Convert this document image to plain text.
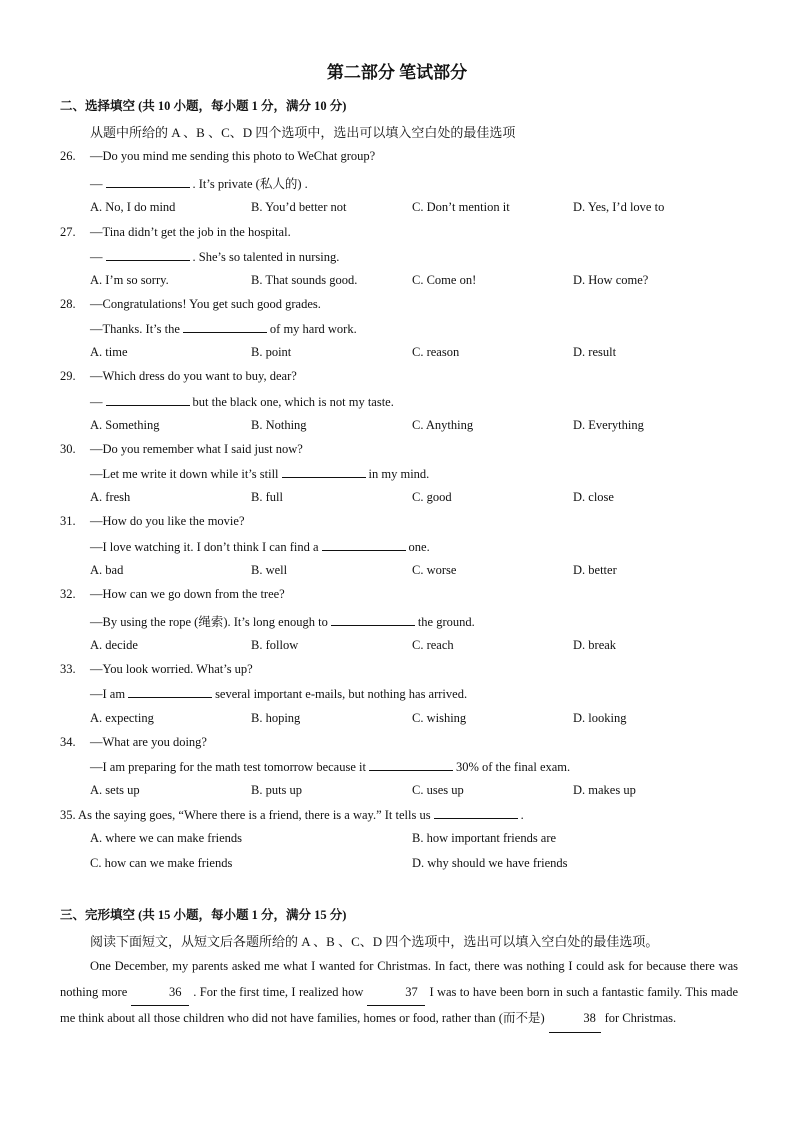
第二部分 笔试部分
二、选择填空 (共 10 小题，每小题 1 分，满分 10 分)
从题中所给的 A 、B 、C、D 四个选项中，选出可以填入空白处的最佳选项
26. —Do you mind me sending this photo to WeChat group?
—	. It’s private (私人的) .
A. No, I do mind	B. You’d better not	C. Don’t mention it	D. Yes, I’d love to
27. —Tina didn’t get the job in the hospital.
—	. She’s so talented in nursing.
A. I’m so sorry.	B. That sounds good.	C. Come on!	D. How come?
28. —Congratulations! You get such good grades.
—Thanks. It’s the	of my hard work.
A. time	B. point	C. reason	D. result
29. —Which dress do you want to buy, dear?
—	but the black one, which is not my taste.
A. Something	B. Nothing	C. Anything	D. Everything
30. —Do you remember what I said just now?
—Let me write it down while it’s still	in my mind.
A. fresh	B. full	C. good	D. close
31. —How do you like the movie?
—I love watching it. I don’t think I can find a	one.
A. bad	B. well	C. worse	D. better
32. —How can we go down from the tree?
—By using the rope (绳索). It’s long enough to	the ground.
A. decide	B. follow	C. reach	D. break
33. —You look worried. What’s up?
—I am	several important e-mails, but nothing has arrived.
A. expecting	B. hoping	C. wishing	D. looking
34. —What are you doing?
—I am preparing for the math test tomorrow because it	30% of the final exam.
A. sets up	B. puts up	C. uses up	D. makes up
35. As the saying goes, “Where there is a friend, there is a way.” It tells us	.
A. where we can make friends	B. how important friends are
C. how can we make friends	D. why should we have friends
三、完形填空 (共 15 小题，每小题 1 分，满分 15 分)
阅读下面短文，从短文后各题所给的 A 、B 、C、D 四个选项中，选出可以填入空白处的最佳选项。
One December, my parents asked me what I wanted for Christmas. In fact, there was nothing I could ask for because there was nothing more	36 . For the first time, I realized how	37 I was to have been born in such a fantastic family. This made me think about all those children who did not have families, homes or food, rather than (而不是)	38 for Christmas.
